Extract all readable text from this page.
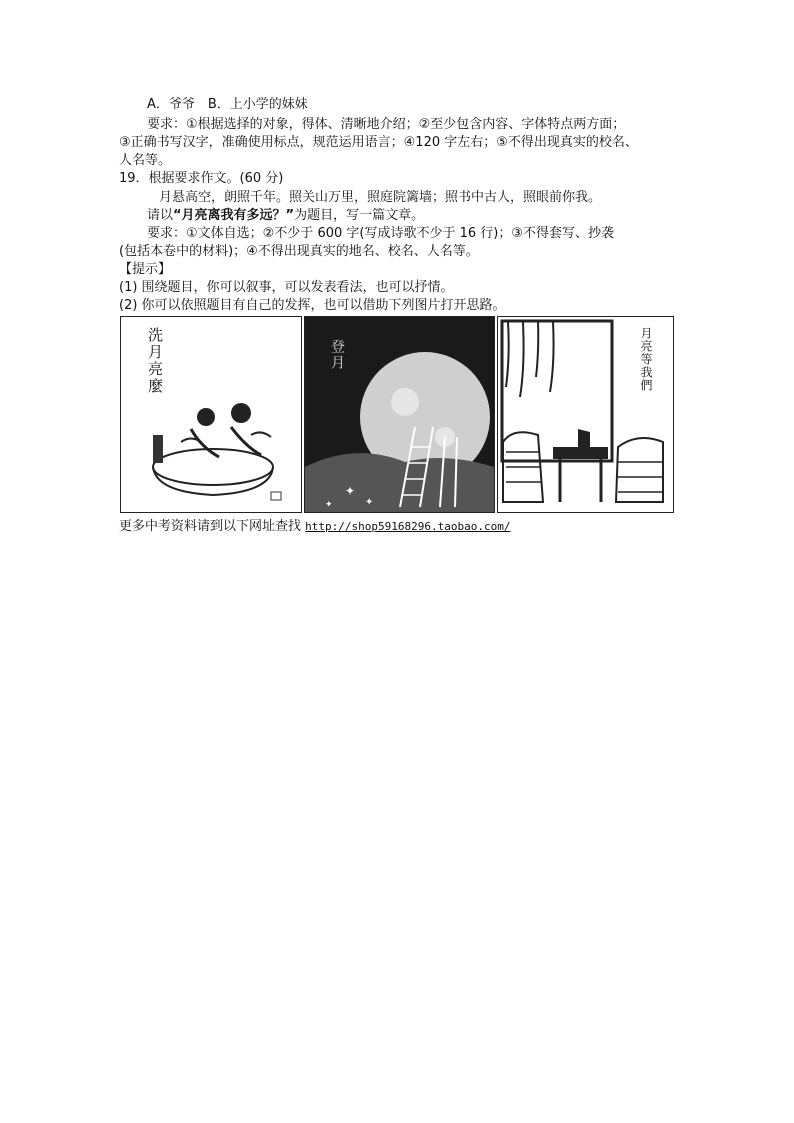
A．爷爷　B．上小学的妹妹
要求：①根据选择的对象，得体、清晰地介绍；②至少包含内容、字体特点两方面；
③正确书写汉字，准确使用标点，规范运用语言；④120 字左右；⑤不得出现真实的校名、
人名等。
19．根据要求作文。(60 分)
月悬高空，朗照千年。照关山万里，照庭院篱墙；照书中古人，照眼前你我。
请以“月亮离我有多远？”为题目，写一篇文章。
要求：①文体自选；②不少于 600 字(写成诗歌不少于 16 行)；③不得套写、抄袭
(包括本卷中的材料)；④不得出现真实的地名、校名、人名等。
【提示】
(1) 围绕题目，你可以叙事，可以发表看法，也可以抒情。
(2) 你可以依照题目有自己的发挥，也可以借助下列图片打开思路。
洗月亮麼	登月
✦
✦
✦
月亮等我們
更多中考资料请到以下网址查找 http://shop59168296.taobao.com/
